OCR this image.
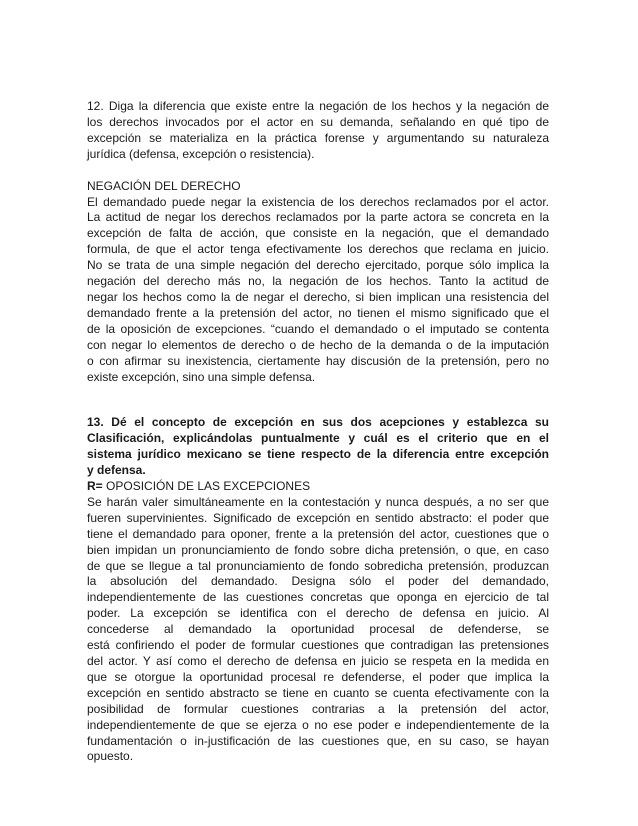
12. Diga la diferencia que existe entre la negación de los hechos y la negación de
los derechos invocados por el actor en su demanda, señalando en qué tipo de
excepción se materializa en la práctica forense y argumentando su naturaleza
jurídica (defensa, excepción o resistencia).
NEGACIÓN DEL DERECHO
El demandado puede negar la existencia de los derechos reclamados por el actor.
La actitud de negar los derechos reclamados por la parte actora se concreta en la
excepción de falta de acción, que consiste en la negación, que el demandado
formula, de que el actor tenga efectivamente los derechos que reclama en juicio.
No se trata de una simple negación del derecho ejercitado, porque sólo implica la
negación del derecho más no, la negación de los hechos. Tanto la actitud de
negar los hechos como la de negar el derecho, si bien implican una resistencia del
demandado frente a la pretensión del actor, no tienen el mismo significado que el
de la oposición de excepciones. “cuando el demandado o el imputado se contenta
con negar lo elementos de derecho o de hecho de la demanda o de la imputación
o con afirmar su inexistencia, ciertamente hay discusión de la pretensión, pero no
existe excepción, sino una simple defensa.
13. Dé el concepto de excepción en sus dos acepciones y establezca su
Clasificación, explicándolas puntualmente y cuál es el criterio que en el
sistema jurídico mexicano se tiene respecto de la diferencia entre excepción
y defensa.
R= OPOSICIÓN DE LAS EXCEPCIONES
Se harán valer simultáneamente en la contestación y nunca después, a no ser que
fueren supervinientes. Significado de excepción en sentido abstracto: el poder que
tiene el demandado para oponer, frente a la pretensión del actor, cuestiones que o
bien impidan un pronunciamiento de fondo sobre dicha pretensión, o que, en caso
de que se llegue a tal pronunciamiento de fondo sobredicha pretensión, produzcan
la absolución del demandado. Designa sólo el poder del demandado,
independientemente de las cuestiones concretas que oponga en ejercicio de tal
poder. La excepción se identifica con el derecho de defensa en juicio. Al
concederse al demandado la oportunidad procesal de defenderse, se
está confiriendo el poder de formular cuestiones que contradigan las pretensiones
del actor. Y así como el derecho de defensa en juicio se respeta en la medida en
que se otorgue la oportunidad procesal re defenderse, el poder que implica la
excepción en sentido abstracto se tiene en cuanto se cuenta efectivamente con la
posibilidad de formular cuestiones contrarias a la pretensión del actor,
independientemente de que se ejerza o no ese poder e independientemente de la
fundamentación o in-justificación de las cuestiones que, en su caso, se hayan
opuesto.
